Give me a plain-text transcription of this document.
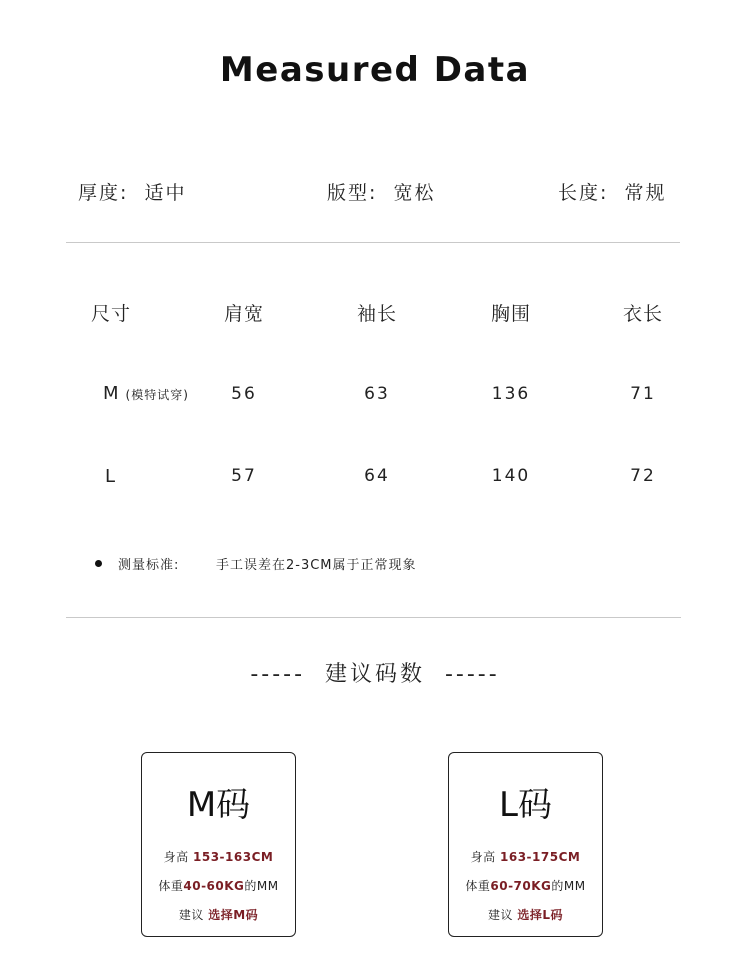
Measured Data
厚度: 适中	版型: 宽松	长度: 常规
尺寸	肩宽	袖长	胸围	衣长
M (模特试穿) 56	63	136	71
L	57	64	140	72
测量标准:	手工误差在2-3CM属于正常现象
-----  建议码数  -----
M码
身高 153-163CM
体重40-60KG的MM
建议 选择M码
L码
身高 163-175CM
体重60-70KG的MM
建议 选择L码
